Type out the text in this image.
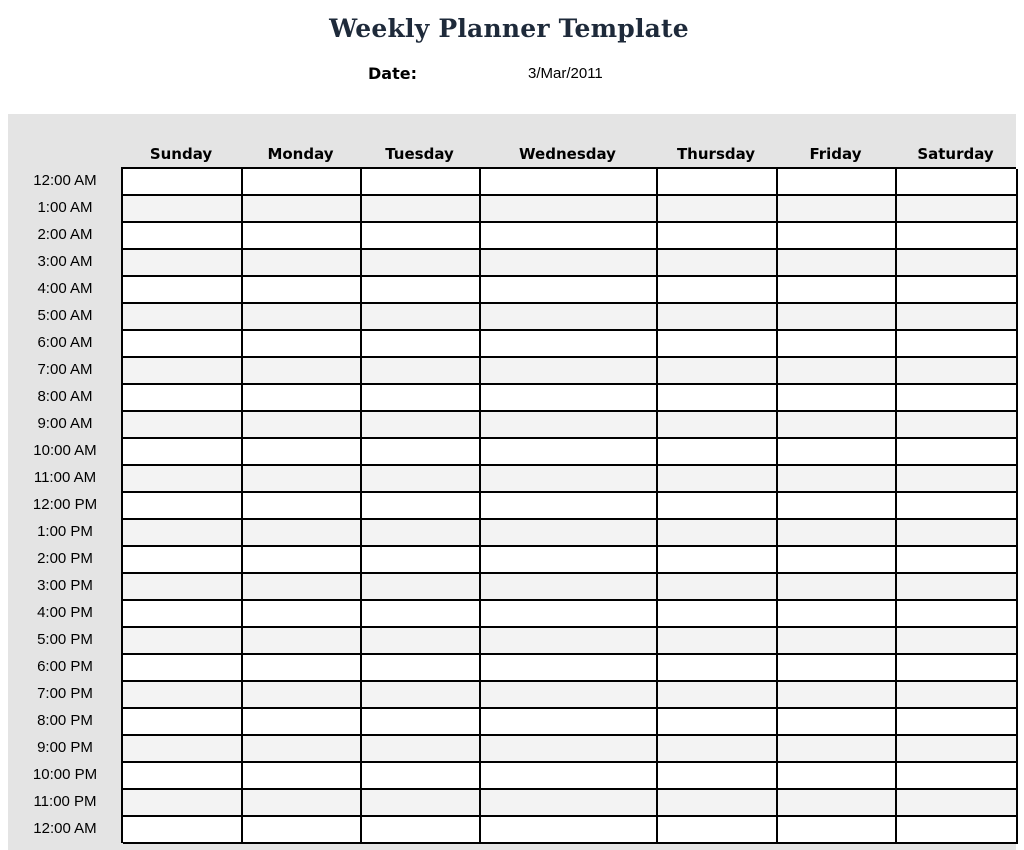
Weekly Planner Template
Date:	3/Mar/2011
Sunday	Monday	Tuesday	Wednesday	Thursday	Friday	Saturday
12:00 AM
1:00 AM
2:00 AM
3:00 AM
4:00 AM
5:00 AM
6:00 AM
7:00 AM
8:00 AM
9:00 AM
10:00 AM
11:00 AM
12:00 PM
1:00 PM
2:00 PM
3:00 PM
4:00 PM
5:00 PM
6:00 PM
7:00 PM
8:00 PM
9:00 PM
10:00 PM
11:00 PM
12:00 AM
